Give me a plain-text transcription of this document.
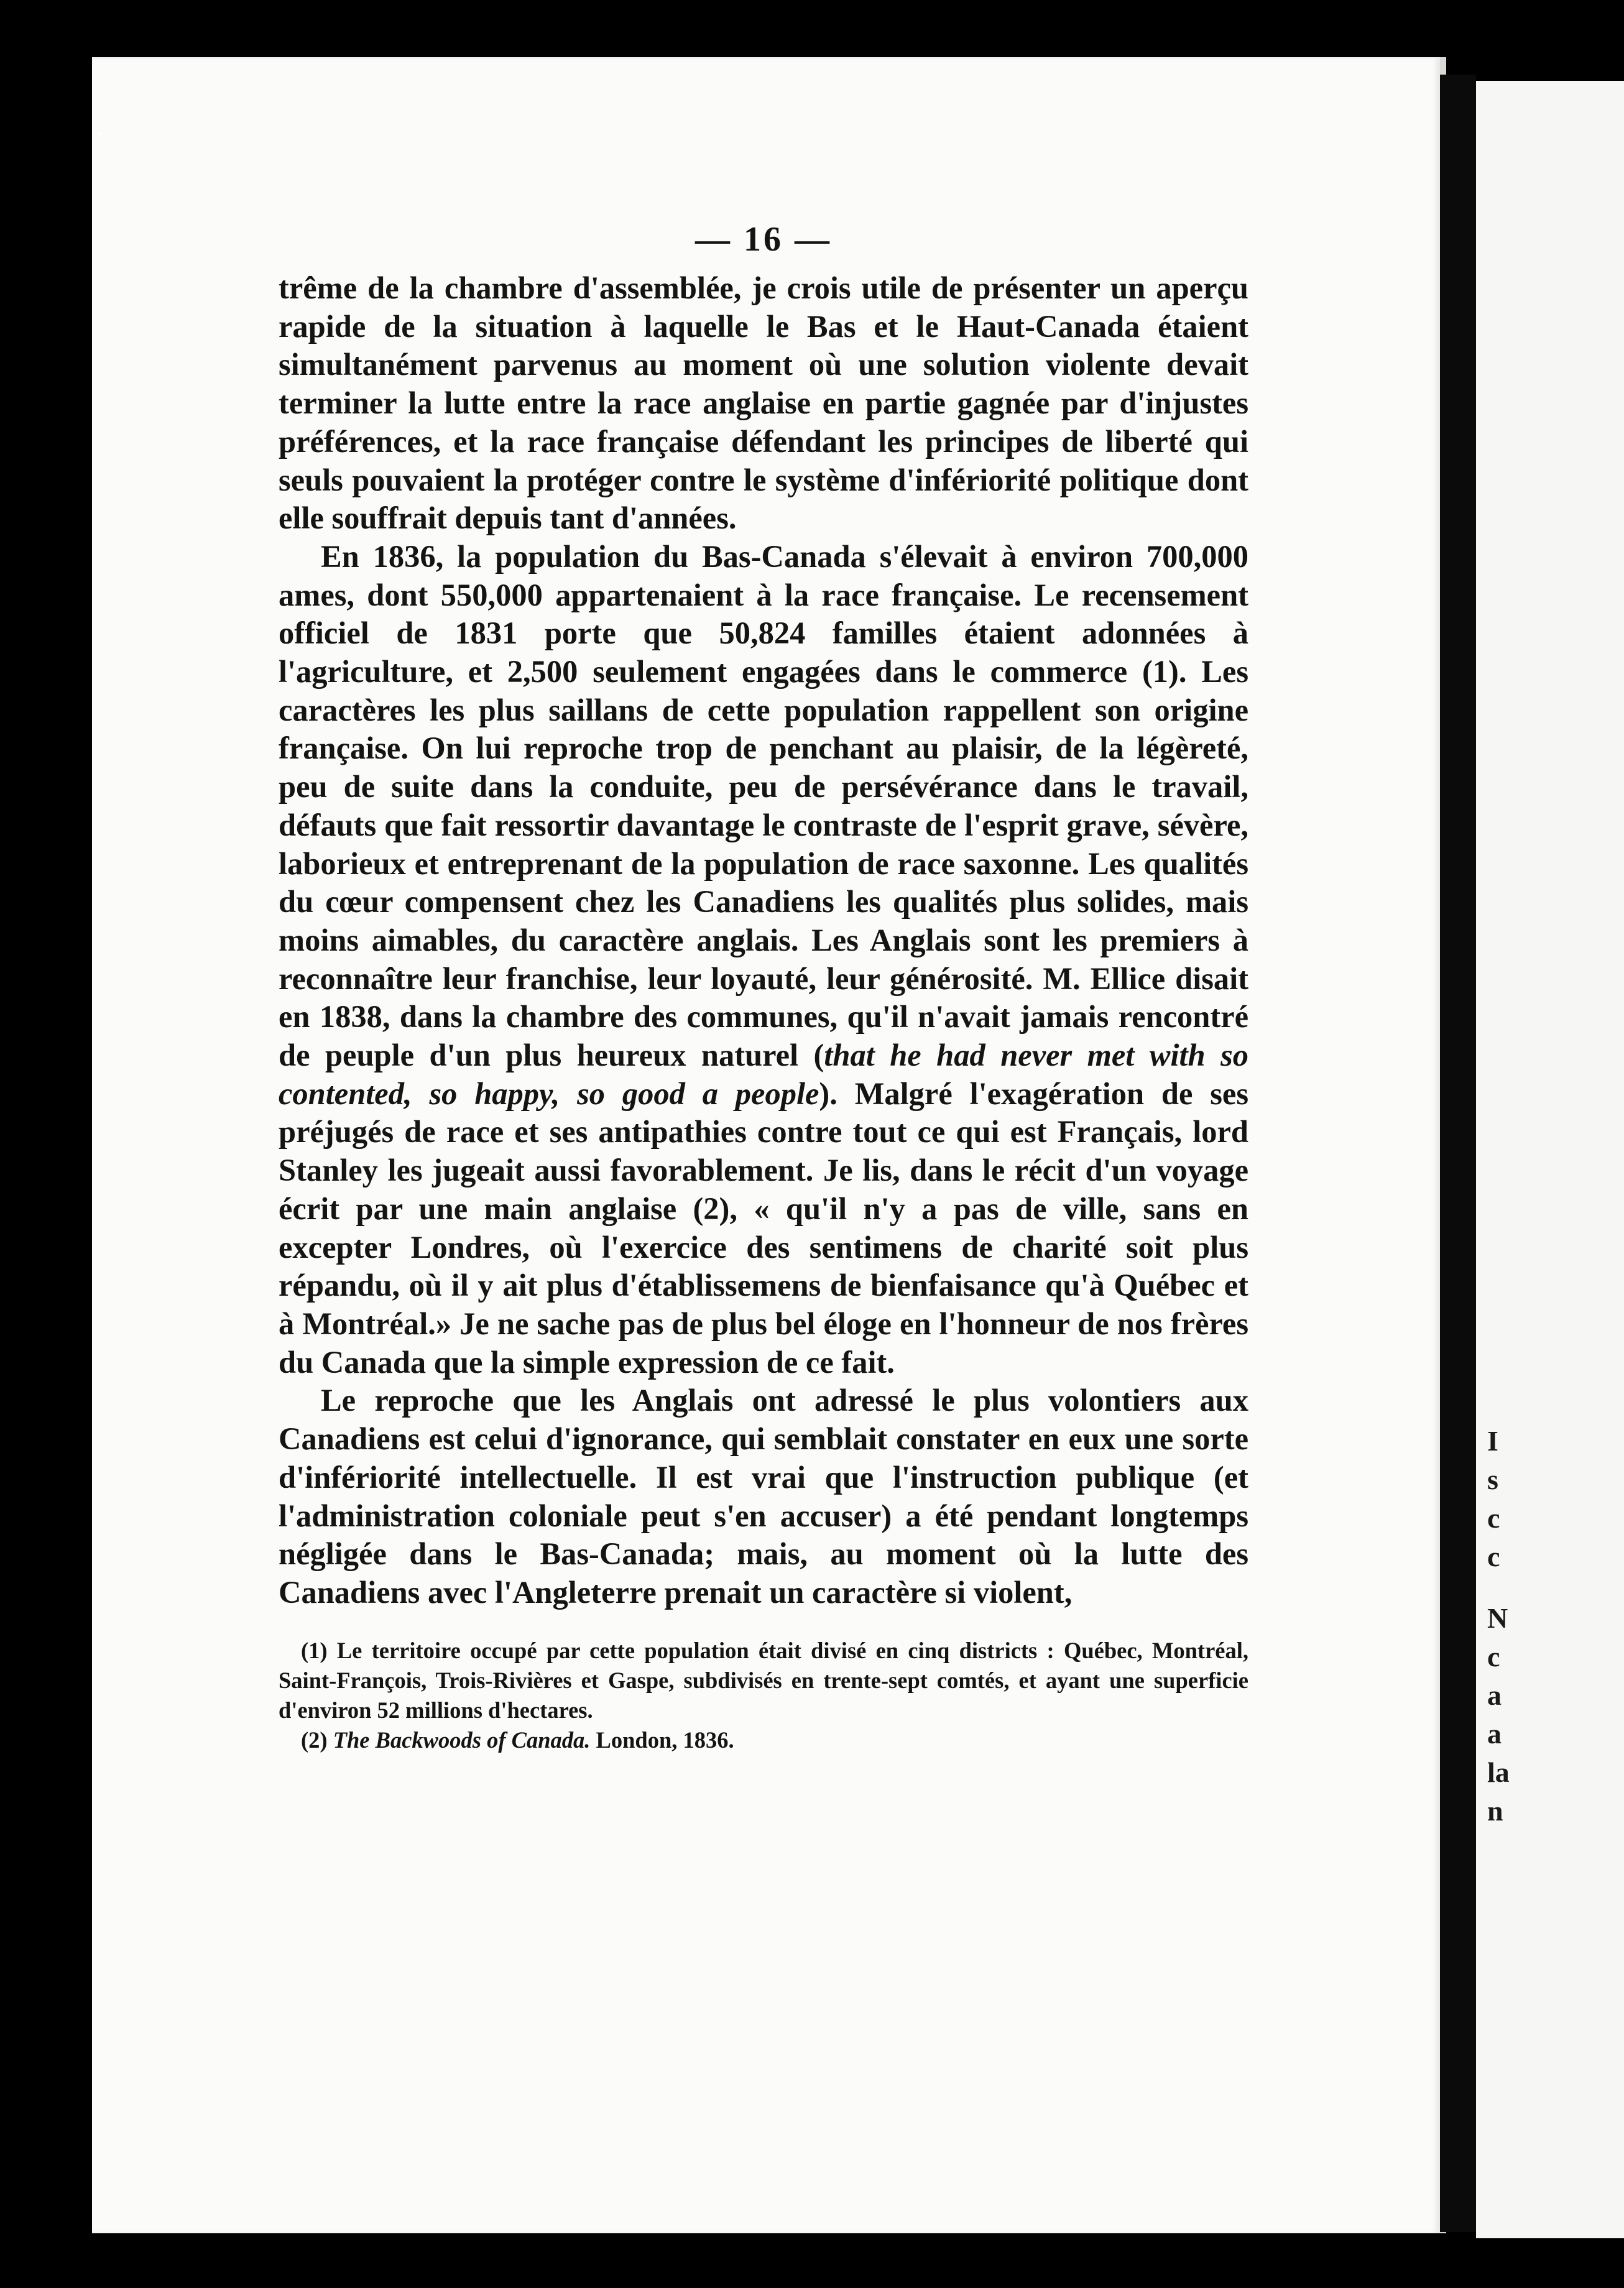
I
s
c
c
N
c
a
a
la
n
— 16 —

trême de la chambre d'assemblée, je crois utile de présenter un aperçu rapide de la situation à laquelle le Bas et le Haut-Canada étaient simultanément parvenus au moment où une solution violente devait terminer la lutte entre la race anglaise en partie gagnée par d'injustes préférences, et la race française défendant les principes de liberté qui seuls pouvaient la protéger contre le système d'infériorité politique dont elle souffrait depuis tant d'années.

En 1836, la population du Bas-Canada s'élevait à environ 700,000 ames, dont 550,000 appartenaient à la race française. Le recensement officiel de 1831 porte que 50,824 familles étaient adonnées à l'agriculture, et 2,500 seulement engagées dans le commerce (1). Les caractères les plus saillans de cette population rappellent son origine française. On lui reproche trop de penchant au plaisir, de la légèreté, peu de suite dans la conduite, peu de persévérance dans le travail, défauts que fait ressortir davantage le contraste de l'esprit grave, sévère, laborieux et entreprenant de la population de race saxonne. Les qualités du cœur compensent chez les Canadiens les qualités plus solides, mais moins aimables, du caractère anglais. Les Anglais sont les premiers à reconnaître leur franchise, leur loyauté, leur générosité. M. Ellice disait en 1838, dans la chambre des communes, qu'il n'avait jamais rencontré de peuple d'un plus heureux naturel (that he had never met with so contented, so happy, so good a people). Malgré l'exagération de ses préjugés de race et ses antipathies contre tout ce qui est Français, lord Stanley les jugeait aussi favorablement. Je lis, dans le récit d'un voyage écrit par une main anglaise (2), « qu'il n'y a pas de ville, sans en excepter Londres, où l'exercice des sentimens de charité soit plus répandu, où il y ait plus d'établissemens de bienfaisance qu'à Québec et à Montréal.» Je ne sache pas de plus bel éloge en l'honneur de nos frères du Canada que la simple expression de ce fait.

Le reproche que les Anglais ont adressé le plus volontiers aux Canadiens est celui d'ignorance, qui semblait constater en eux une sorte d'infériorité intellectuelle. Il est vrai que l'instruction publique (et l'administration coloniale peut s'en accuser) a été pendant longtemps négligée dans le Bas-Canada; mais, au moment où la lutte des Canadiens avec l'Angleterre prenait un caractère si violent,

(1) Le territoire occupé par cette population était divisé en cinq districts : Québec, Montréal, Saint-François, Trois-Rivières et Gaspe, subdivisés en trente-sept comtés, et ayant une superficie d'environ 52 millions d'hectares.

(2) The Backwoods of Canada. London, 1836.
